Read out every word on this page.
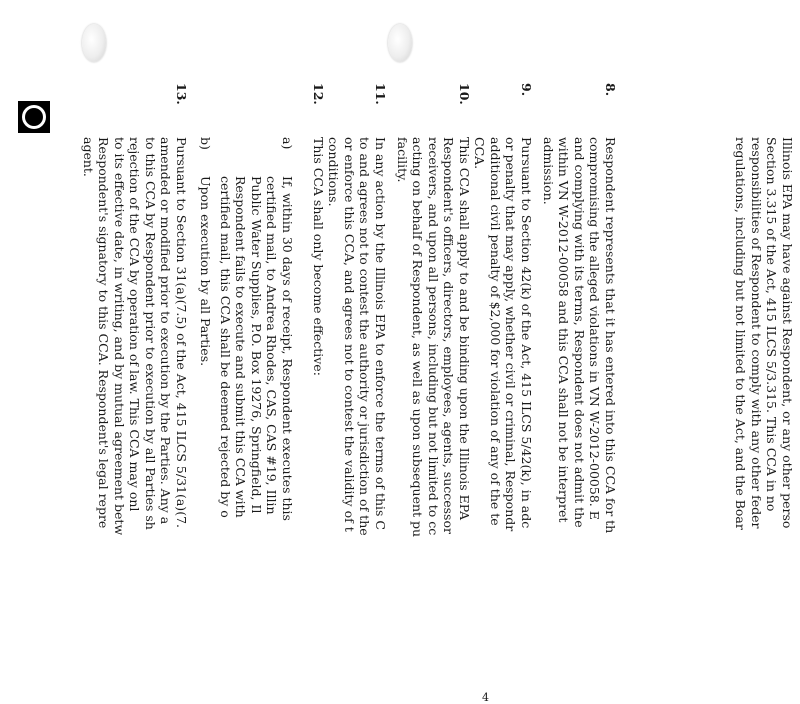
Illinois EPA may have against Respondent, or any other perso
Section 3.315 of the Act, 415 ILCS 5/3.315. This CCA in no
responsibilities of Respondent to comply with any other feder
regulations, including but not limited to the Act, and the Boar
8.
Respondent represents that it has entered into this CCA for th
compromising the alleged violations in VN W-2012-00058. E
and complying with its terms, Respondent does not admit the
within VN W-2012-00058 and this CCA shall not be interpret
admission.
9.
Pursuant to Section 42(k) of the Act, 415 ILCS 5/42(k), in adc
or penalty that may apply, whether civil or criminal, Respondr
additional civil penalty of $2,000 for violation of any of the te
CCA.
10.
This CCA shall apply to and be binding upon the Illinois EPA
Respondent's officers, directors, employees, agents, successor
receivers, and upon all persons, including but not limited to cc
acting on behalf of Respondent, as well as upon subsequent pu
facility.
11.
In any action by the Illinois EPA to enforce the terms of this C
to and agrees not to contest the authority or jurisdiction of the
or enforce this CCA, and agrees not to contest the validity of t
conditions.
12.
This CCA shall only become effective:
a)
If, within 30 days of receipt, Respondent executes this
certified mail, to Andrea Rhodes, CAS, CAS #19, Illin
Public Water Supplies, P.O. Box 19276, Springfield, Il
Respondent fails to execute and submit this CCA with
certified mail, this CCA shall be deemed rejected by o
b)
Upon execution by all Parties.
4
13.
Pursuant to Section 31(a)(7.5) of the Act, 415 ILCS 5/31(a)(7.
amended or modified prior to execution by the Parties. Any a
to this CCA by Respondent prior to execution by all Parties sh
rejection of the CCA by operation of law. This CCA may onl
to its effective date, in writing, and by mutual agreement betw
Respondent's signatory to this CCA. Respondent's legal repre
agent.
